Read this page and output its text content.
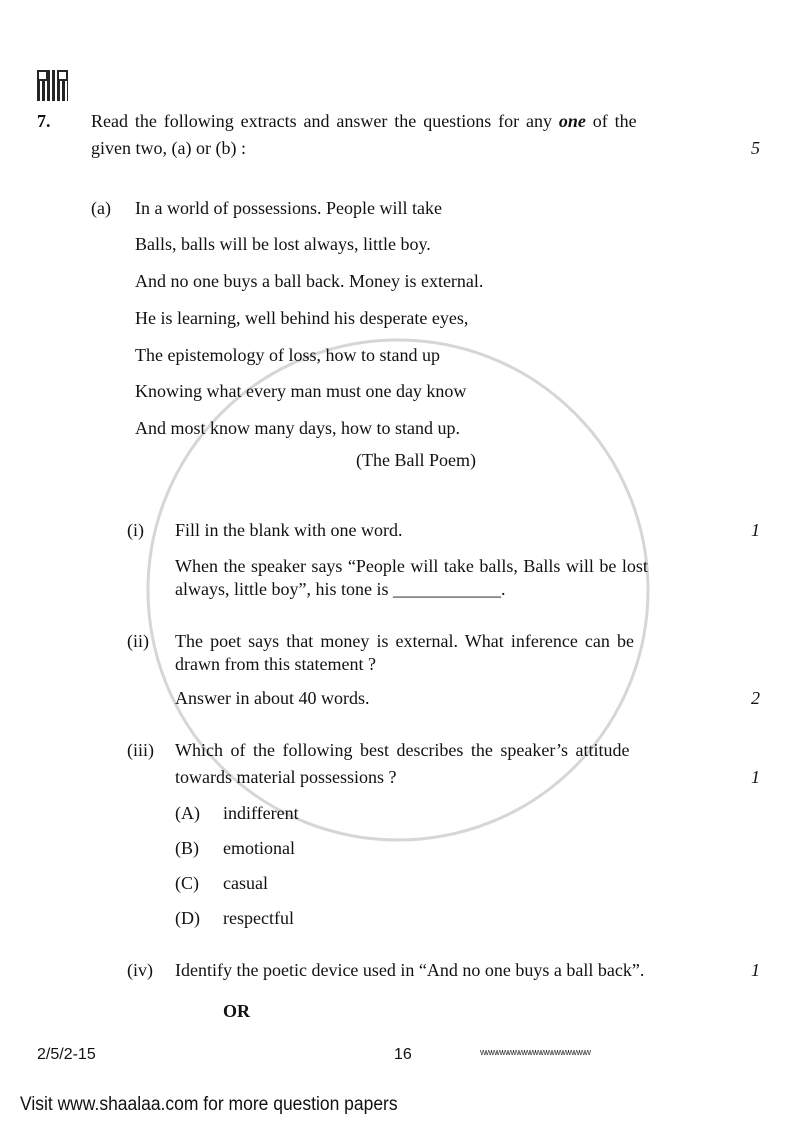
7. Read the following extracts and answer the questions for any one of the
given two, (a) or (b) :	5
(a) In a world of possessions. People will take
Balls, balls will be lost always, little boy.
And no one buys a ball back. Money is external.
He is learning, well behind his desperate eyes,
The epistemology of loss, how to stand up
Knowing what every man must one day know
And most know many days, how to stand up.
(The Ball Poem)
(i) Fill in the blank with one word.	1
When the speaker says “People will take balls, Balls will be lost
always, little boy”, his tone is ____________.
(ii) The poet says that money is external. What inference can be
drawn from this statement ?
Answer in about 40 words.	2
(iii) Which of the following best describes the speaker’s attitude
towards material possessions ?	1
(A) indifferent
(B) emotional
(C) casual
(D) respectful
(iv) Identify the poetic device used in “And no one buys a ball back”.	1
OR
2/5/2-15	16	wwwwwwwwwwwwwwwwwwww
Visit www.shaalaa.com for more question papers
